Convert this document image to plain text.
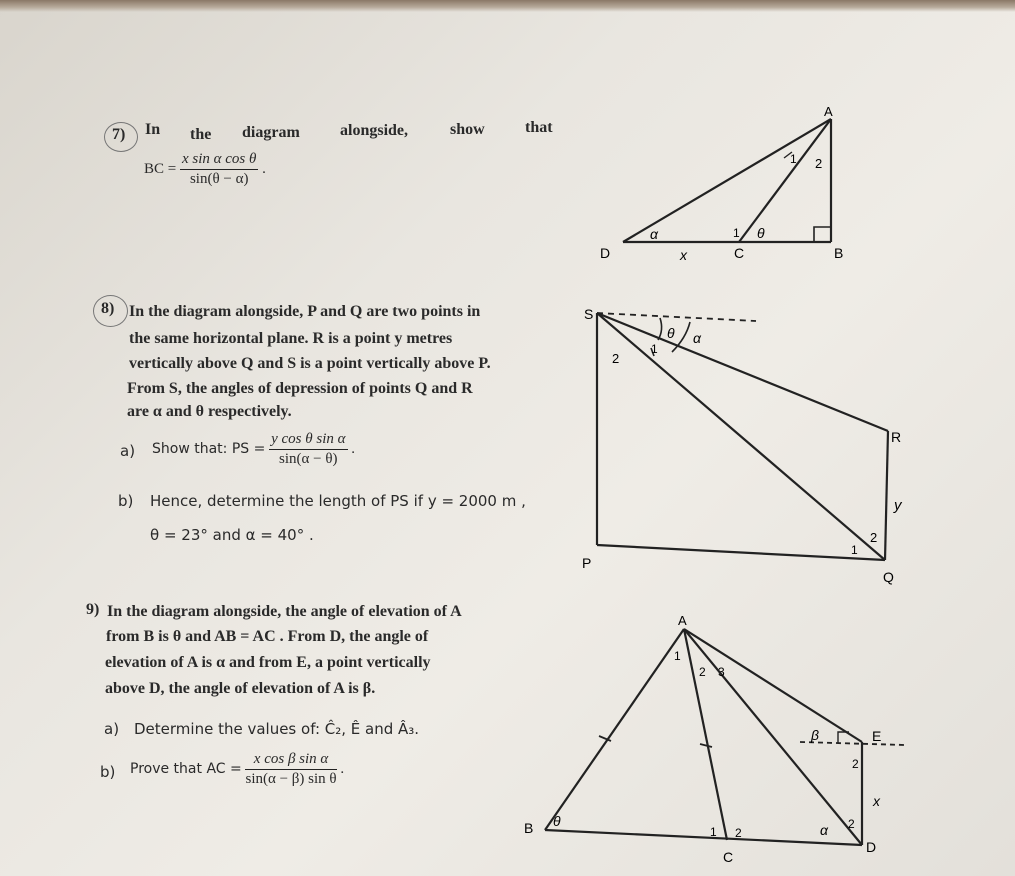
7) In the diagram	alongside,	show	that
BC = $\frac{\text{x sin α cos θ}}{\sin(\theta - \alpha)}$ .
A
B
C
D	x
α	θ
1
1 2
8) In the diagram alongside, P and Q are two points in
the same horizontal plane. R is a point y metres
vertically above Q and S is a point vertically above P.
From S, the angles of depression of points Q and R
are α and θ respectively.
a) Show that: PS = $\frac{\text{y cos θ sin α}}{\sin(\alpha - \theta)}$ .
b) Hence, determine the length of PS if y = 2000 m ,
θ = 23° and α = 40° .
S
P
Q
R
y
θ α
1
2
1
2
9) In the diagram alongside, the angle of elevation of A
from B is θ and AB = AC . From D, the angle of
elevation of A is α and from E, a point vertically
above D, the angle of elevation of A is β.
a) Determine the values of: Ĉ₂, Ê and Â₃.
b) Prove that AC = $\frac{\text{x cos β sin α}}{\text{sin(α − β) sin θ}}$ .
A
B
C
D
E
x
θ
α
β
1
2 3
1 2
2
2
